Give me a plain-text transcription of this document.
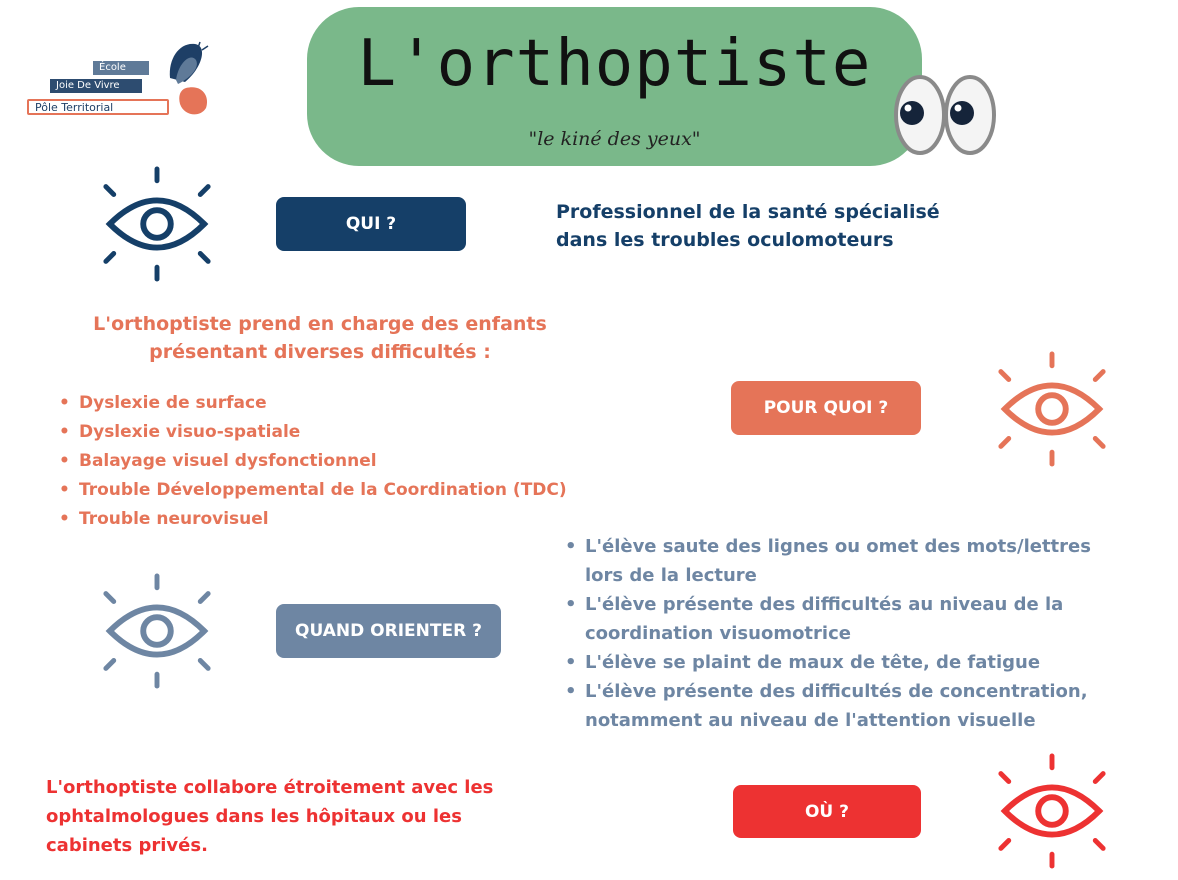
École
Joie De Vivre
Pôle Territorial
L'orthoptiste
"le kiné des yeux"
QUI ?
Professionnel de la santé spécialisé dans les troubles oculomoteurs
L'orthoptiste prend en charge des enfants présentant diverses difficultés :
• Dyslexie de surface
• Dyslexie visuo-spatiale
• Balayage visuel dysfonctionnel
• Trouble Développemental de la Coordination (TDC)
• Trouble neurovisuel
POUR QUOI ?
• L'élève saute des lignes ou omet des mots/lettres lors de la lecture
• L'élève présente des difficultés au niveau de la coordination visuomotrice
• L'élève se plaint de maux de tête, de fatigue
• L'élève présente des difficultés de concentration, notamment au niveau de l'attention visuelle
QUAND ORIENTER ?
L'orthoptiste collabore étroitement avec les ophtalmologues dans les hôpitaux ou les cabinets privés.
OÙ ?
